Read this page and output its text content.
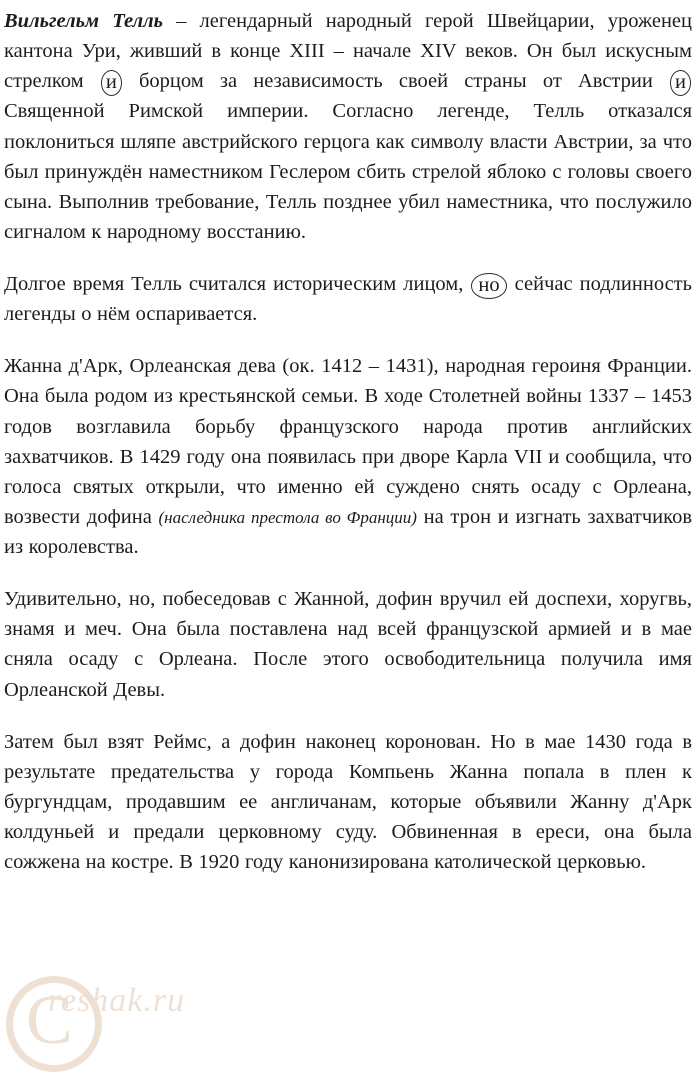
Вильгельм Телль – легендарный народный герой Швейцарии, уроженец кантона Ури, живший в конце XIII – начале XIV веков. Он был искусным стрелком и борцом за независимость своей страны от Австрии и Священной Римской империи. Согласно легенде, Телль отказался поклониться шляпе австрийского герцога как символу власти Австрии, за что был принуждён наместником Геслером сбить стрелой яблоко с головы своего сына. Выполнив требование, Телль позднее убил наместника, что послужило сигналом к народному восстанию.

Долгое время Телль считался историческим лицом, но сейчас подлинность легенды о нём оспаривается.

Жанна д'Арк, Орлеанская дева (ок. 1412 – 1431), народная героиня Франции. Она была родом из крестьянской семьи. В ходе Столетней войны 1337 – 1453 годов возглавила борьбу французского народа против английских захватчиков. В 1429 году она появилась при дворе Карла VII и сообщила, что голоса святых открыли, что именно ей суждено снять осаду с Орлеана, возвести дофина (наследника престола во Франции) на трон и изгнать захватчиков из королевства.

Удивительно, но, побеседовав с Жанной, дофин вручил ей доспехи, хоругвь, знамя и меч. Она была поставлена над всей французской армией и в мае сняла осаду с Орлеана. После этого освободительница получила имя Орлеанской Девы.

Затем был взят Реймс, а дофин наконец коронован. Но в мае 1430 года в результате предательства у города Компьень Жанна попала в плен к бургундцам, продавшим ее англичанам, которые объявили Жанну д'Арк колдуньей и предали церковному суду. Обвиненная в ереси, она была сожжена на костре. В 1920 году канонизирована католической церковью.

reshak.ru
C
